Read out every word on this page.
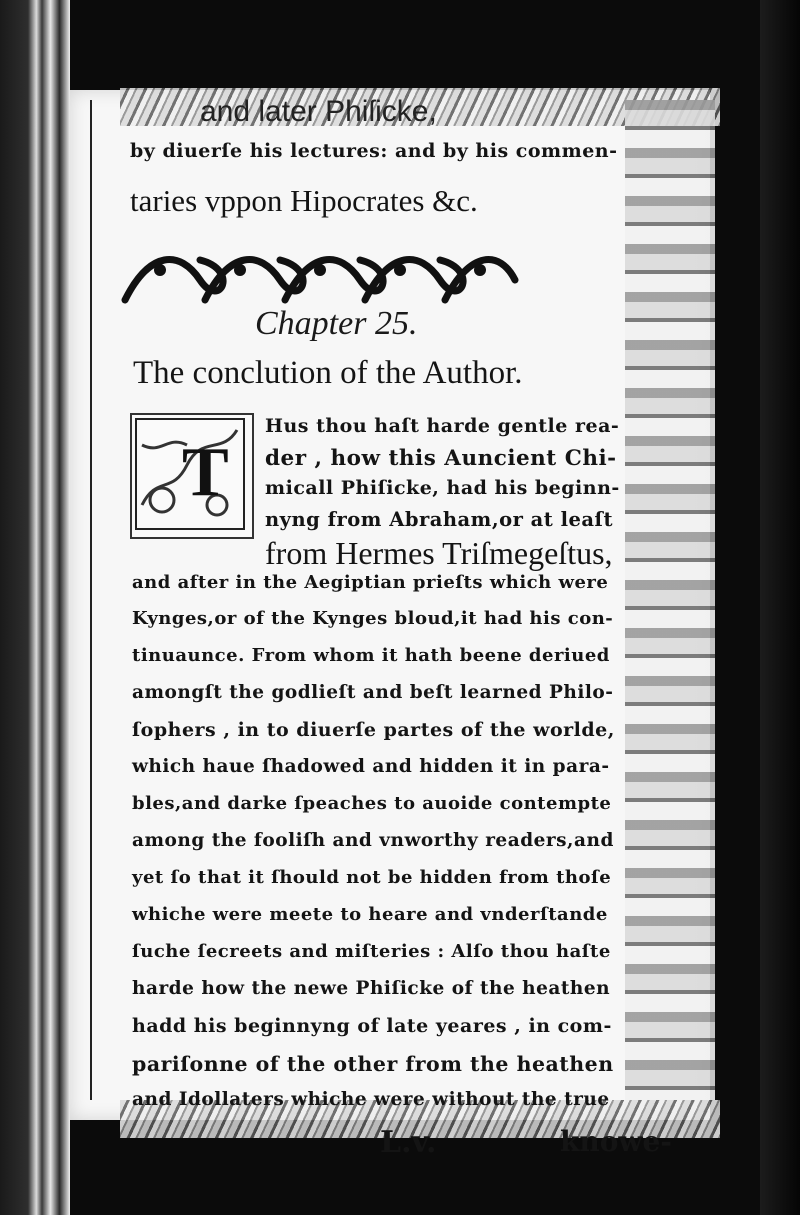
and later Phiſicke,
by diuerſe his lectures: and by his commen-
taries vppon Hipocrates &c.
Chapter 25.
The conclution of the Author.
T
Hus thou haſt harde gentle rea-
der , how this Auncient Chi-
micall Phiſicke, had his beginn-
nyng from Abraham,or at leaſt
from Hermes Triſmegeſtus,
and after in the Aegiptian prieſts which were
Kynges,or of the Kynges bloud,it had his con-
tinuaunce. From whom it hath beene deriued
amongſt the godlieſt and beſt learned Philo-
ſophers , in to diuerſe partes of the worlde,
which haue ſhadowed and hidden it in para-
bles,and darke ſpeaches to auoide contempte
among the fooliſh and vnworthy readers,and
yet ſo that it ſhould not be hidden from thoſe
whiche were meete to heare and vnderſtande
ſuche ſecreets and miſteries : Alſo thou haſte
harde how the newe Phiſicke of the heathen
hadd his beginnyng of late yeares , in com-
pariſonne of the other from the heathen
and Idollaters whiche were without the true
L.v.	knowe-
